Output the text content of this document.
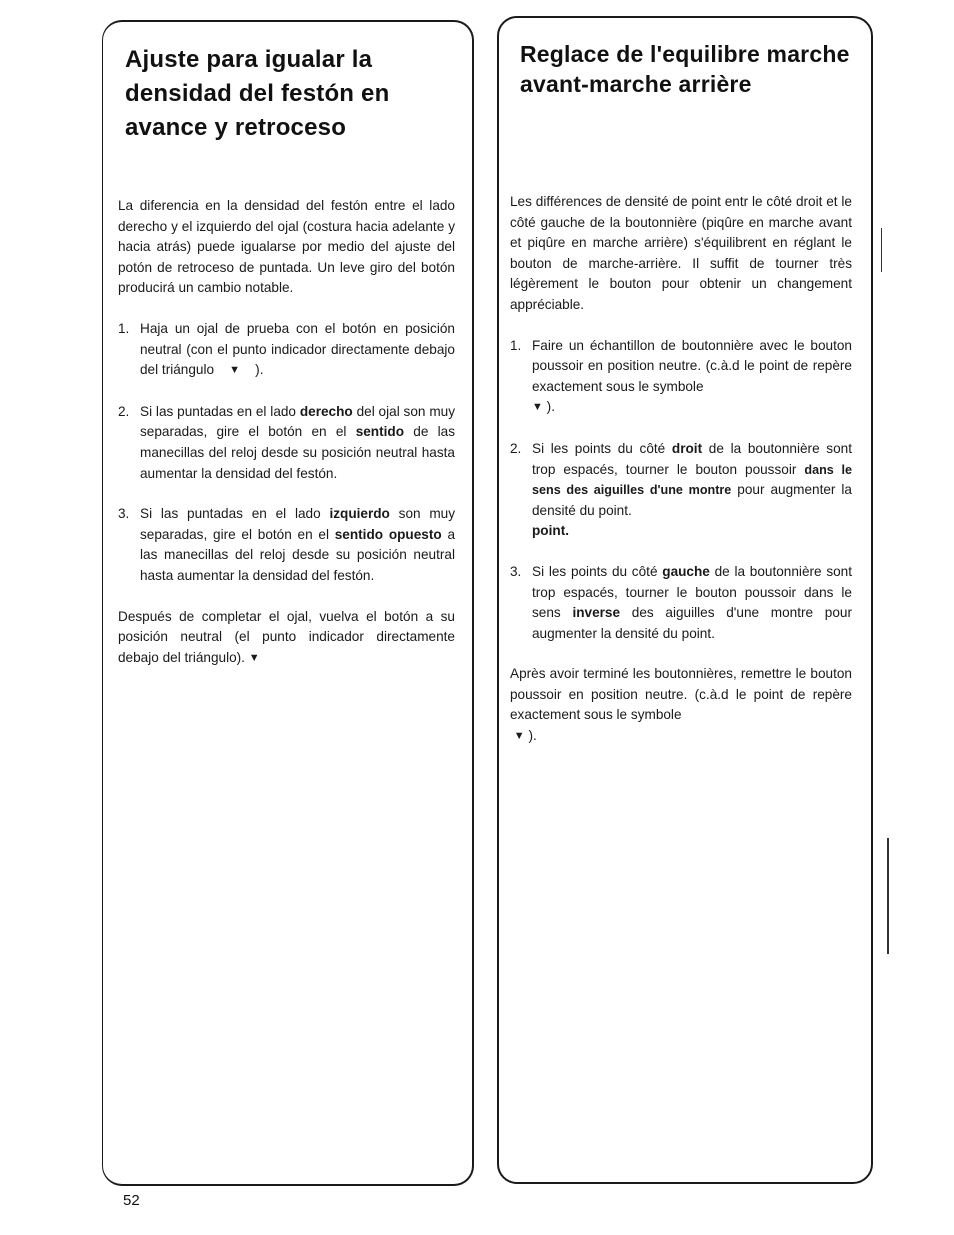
Ajuste para igualar la densidad del festón en avance y retroceso
Reglace de l'equilibre marche avant-marche arrière

La diferencia en la densidad del festón entre el lado derecho y el izquierdo del ojal (costura hacia adelante y hacia atrás) puede igualarse por medio del ajuste del potón de retroceso de puntada. Un leve giro del botón producirá un cambio notable.

1. Haja un ojal de prueba con el botón en posición neutral (con el punto indicador directamente debajo del triángulo ▼ ).
2. Si las puntadas en el lado derecho del ojal son muy separadas, gire el botón en el sentido de las manecillas del reloj desde su posición neutral hasta aumentar la densidad del festón.
3. Si las puntadas en el lado izquierdo son muy separadas, gire el botón en el sentido opuesto a las manecillas del reloj desde su posición neutral hasta aumentar la densidad del festón.

Después de completar el ojal, vuelva el botón a su posición neutral (el punto indicador directamente debajo del triángulo). ▼

Les différences de densité de point entr le côté droit et le côté gauche de la boutonnière (piqûre en marche avant et piqûre en marche arrière) s'équilibrent en réglant le bouton de marche-arrière. Il suffit de tourner très légèrement le bouton pour obtenir un changement appréciable.

1. Faire un échantillon de boutonnière avec le bouton poussoir en position neutre. (c.à.d le point de repère exactement sous le symbole
▼ ).
2. Si les points du côté droit de la boutonnière sont trop espacés, tourner le bouton poussoir dans le sens des aiguilles d'une montre pour augmenter la densité du point.
point.
3. Si les points du côté gauche de la boutonnière sont trop espacés, tourner le bouton poussoir dans le sens inverse des aiguilles d'une montre pour augmenter la densité du point.

Après avoir terminé les boutonnières, remettre le bouton poussoir en position neutre. (c.à.d le point de repère exactement sous le symbole
▼ ).

52
